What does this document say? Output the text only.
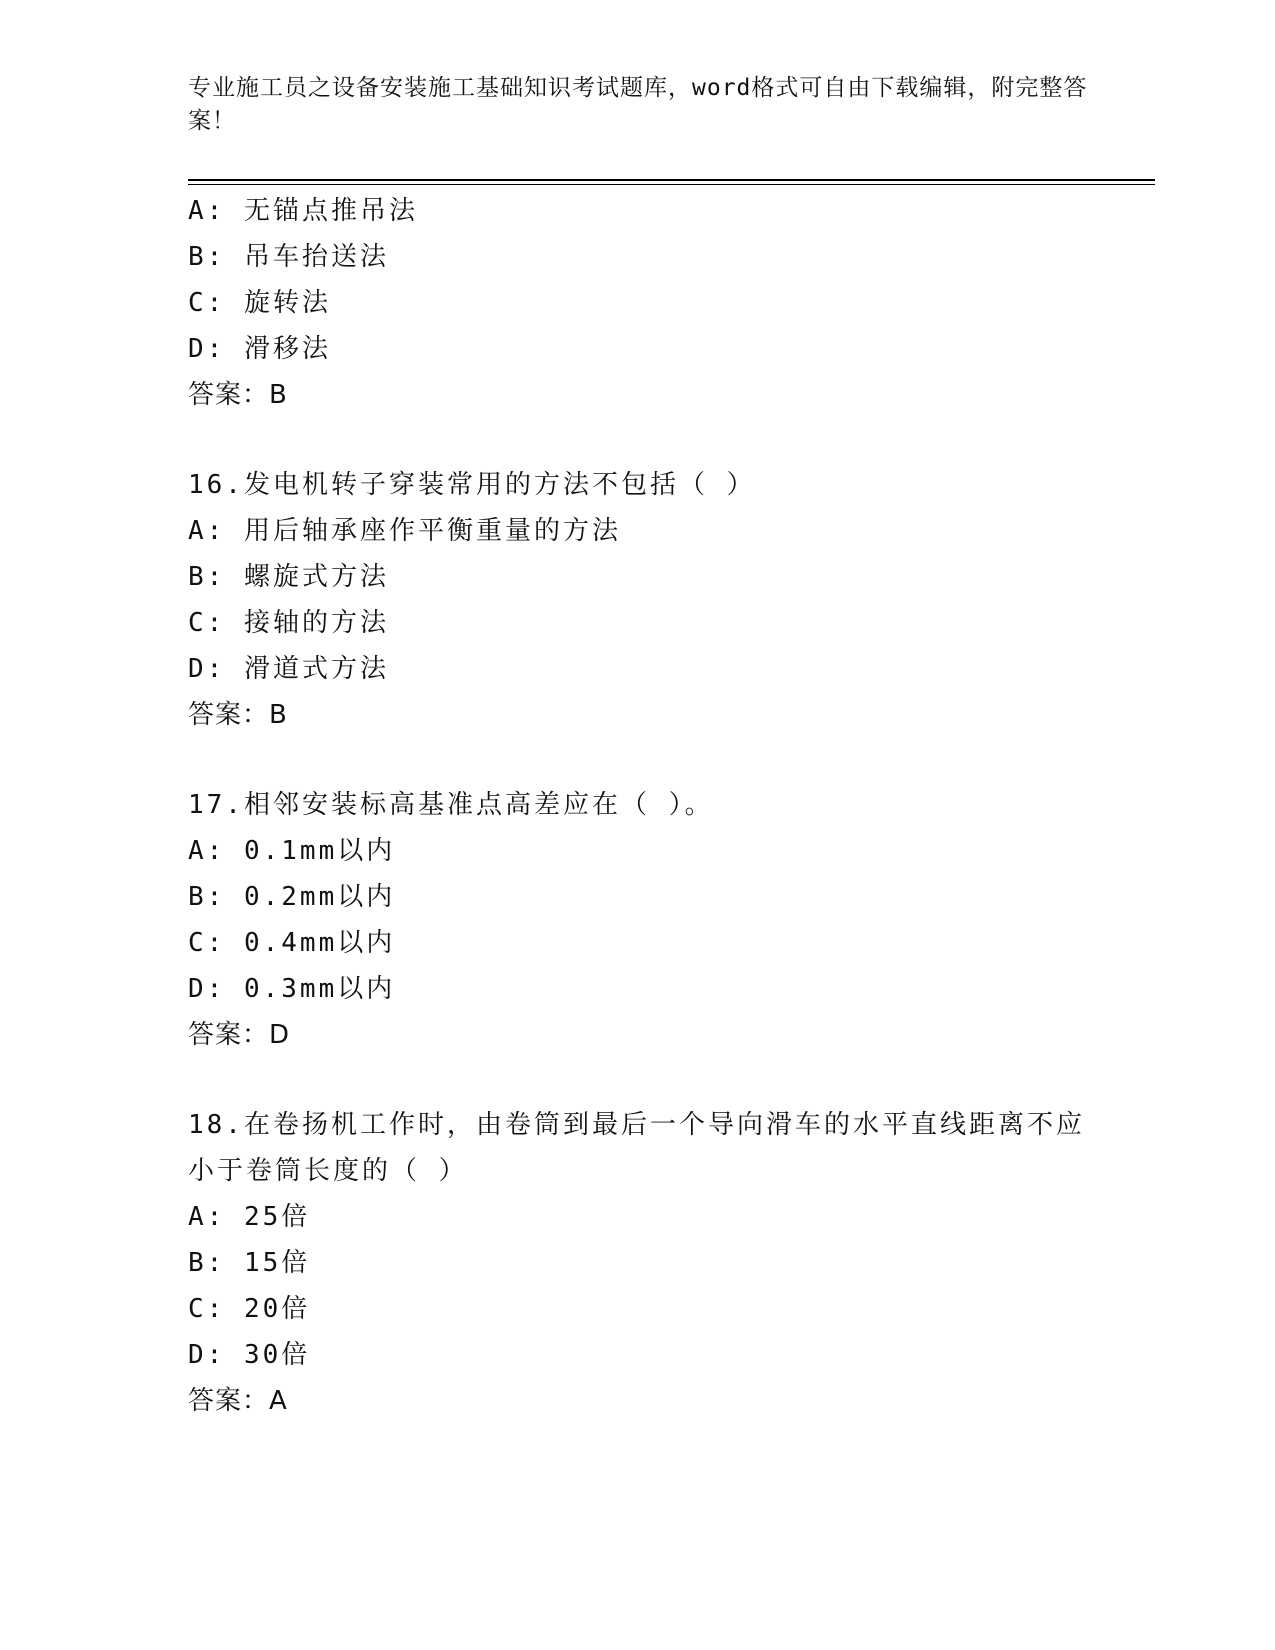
专业施工员之设备安装施工基础知识考试题库，word格式可自由下载编辑，附完整答案！
A: 无锚点推吊法
B: 吊车抬送法
C: 旋转法
D: 滑移法
答案：B
16.发电机转子穿装常用的方法不包括（ ）
A: 用后轴承座作平衡重量的方法
B: 螺旋式方法
C: 接轴的方法
D: 滑道式方法
答案：B
17.相邻安装标高基准点高差应在（ ）。
A: 0.1mm以内
B: 0.2mm以内
C: 0.4mm以内
D: 0.3mm以内
答案：D
18.在卷扬机工作时，由卷筒到最后一个导向滑车的水平直线距离不应小于卷筒长度的（ ）
A: 25倍
B: 15倍
C: 20倍
D: 30倍
答案：A
